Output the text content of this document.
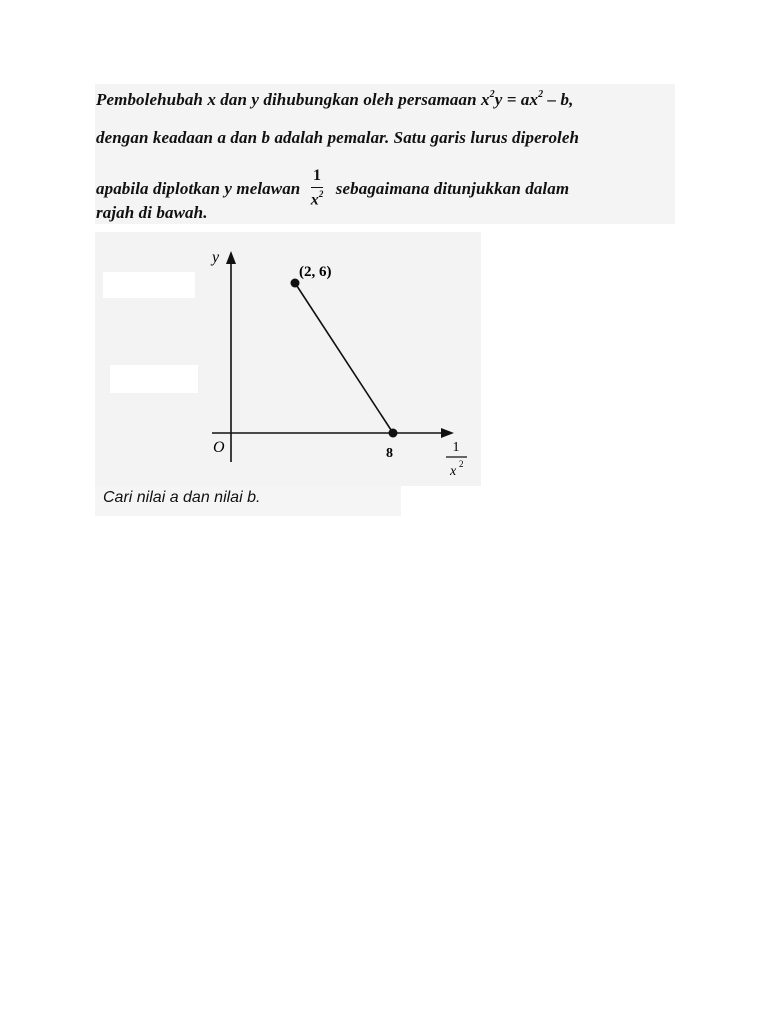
Pembolehubah x dan y dihubungkan oleh persamaan $x^2y = ax^2 - b$,
dengan keadaan a dan b adalah pemalar. Satu garis lurus diperoleh
apabila diplotkan y melawan $\frac{1}{x^2}$ sebagaimana ditunjukkan dalam
rajah di bawah.
y
(2, 6)
O	8	1
x 2
Cari nilai a dan nilai b.
